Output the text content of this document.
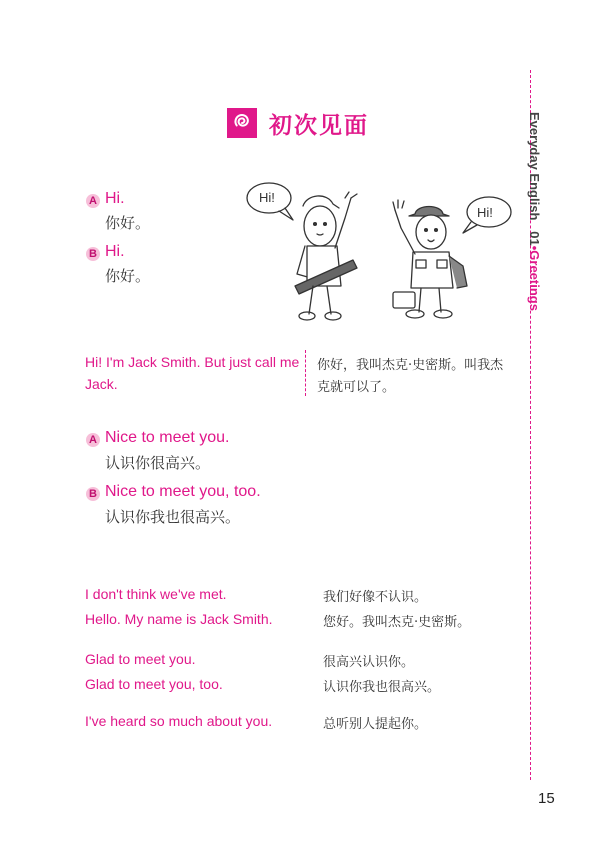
Everyday English   01•Greetings
初次见面
A Hi.
你好。
B Hi.
你好。
Hi!
Hi!
Hi! I'm Jack Smith. But just call me
Jack.
你好，我叫杰克·史密斯。叫我杰
克就可以了。
A Nice to meet you.
认识你很高兴。
B Nice to meet you, too.
认识你我也很高兴。
I don't think we've met.	我们好像不认识。
Hello. My name is Jack Smith.	您好。我叫杰克·史密斯。
Glad to meet you.	很高兴认识你。
Glad to meet you, too.	认识你我也很高兴。
I've heard so much about you.	总听别人提起你。
15
